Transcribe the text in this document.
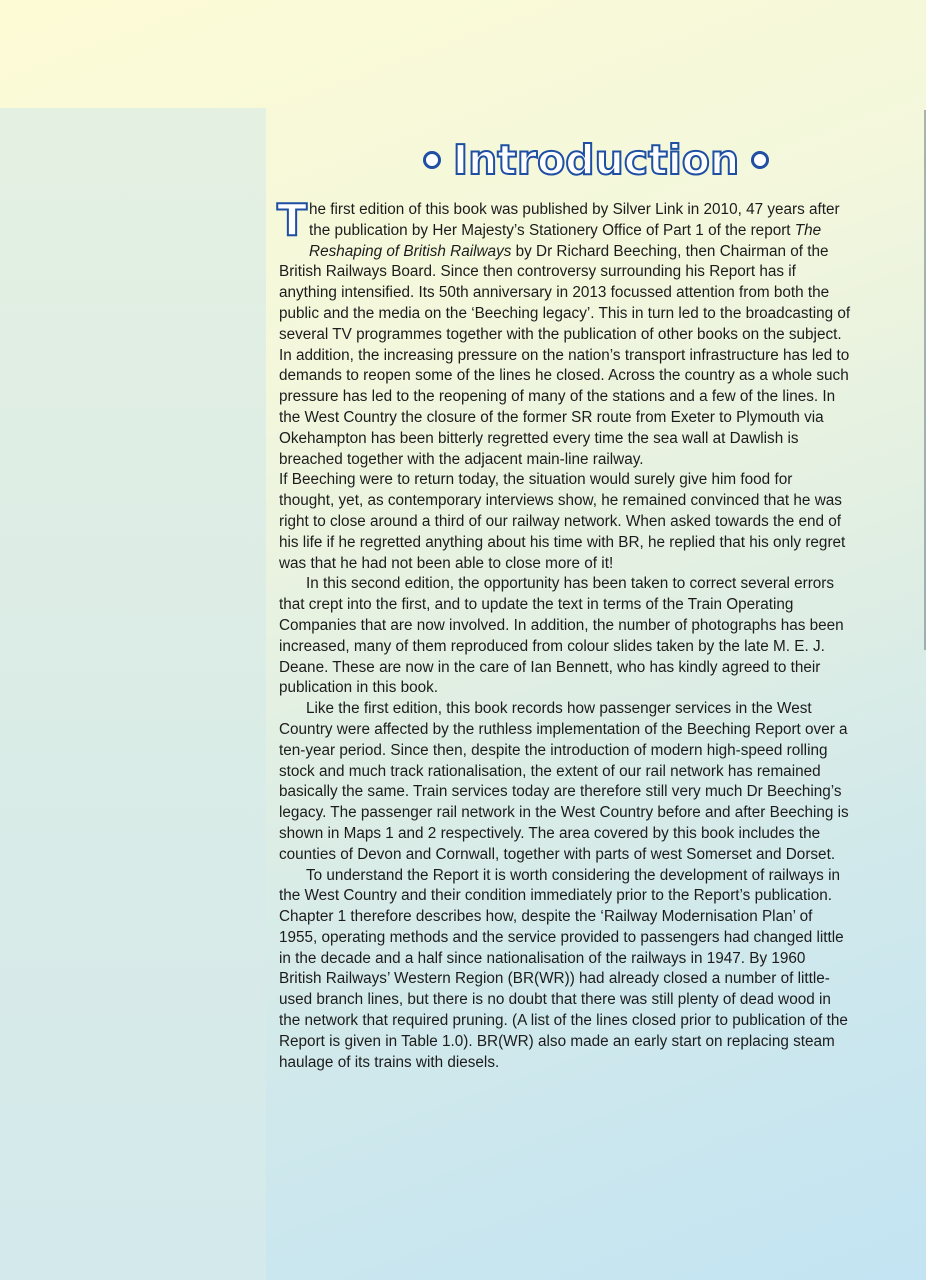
Introduction

The first edition of this book was published by Silver Link in 2010, 47 years after the publication by Her Majesty’s Stationery Office of Part 1 of the report The Reshaping of British Railways by Dr Richard Beeching, then Chairman of the British Railways Board. Since then controversy surrounding his Report has if anything intensified. Its 50th anniversary in 2013 focussed attention from both the public and the media on the ‘Beeching legacy’. This in turn led to the broadcasting of several TV programmes together with the publication of other books on the subject. In addition, the increasing pressure on the nation’s transport infrastructure has led to demands to reopen some of the lines he closed. Across the country as a whole such pressure has led to the reopening of many of the stations and a few of the lines. In the West Country the closure of the former SR route from Exeter to Plymouth via Okehampton has been bitterly regretted every time the sea wall at Dawlish is breached together with the adjacent main-line railway.

If Beeching were to return today, the situation would surely give him food for thought, yet, as contemporary interviews show, he remained convinced that he was right to close around a third of our railway network. When asked towards the end of his life if he regretted anything about his time with BR, he replied that his only regret was that he had not been able to close more of it!

In this second edition, the opportunity has been taken to correct several errors that crept into the first, and to update the text in terms of the Train Operating Companies that are now involved. In addition, the number of photographs has been increased, many of them reproduced from colour slides taken by the late M. E. J. Deane. These are now in the care of Ian Bennett, who has kindly agreed to their publication in this book.

Like the first edition, this book records how passenger services in the West Country were affected by the ruthless implementation of the Beeching Report over a ten-year period. Since then, despite the introduction of modern high-speed rolling stock and much track rationalisation, the extent of our rail network has remained basically the same. Train services today are therefore still very much Dr Beeching’s legacy. The passenger rail network in the West Country before and after Beeching is shown in Maps 1 and 2 respectively. The area covered by this book includes the counties of Devon and Cornwall, together with parts of west Somerset and Dorset.

To understand the Report it is worth considering the development of railways in the West Country and their condition immediately prior to the Report’s publication. Chapter 1 therefore describes how, despite the ‘Railway Modernisation Plan’ of 1955, operating methods and the service provided to passengers had changed little in the decade and a half since nationalisation of the railways in 1947. By 1960 British Railways’ Western Region (BR(WR)) had already closed a number of little-used branch lines, but there is no doubt that there was still plenty of dead wood in the network that required pruning. (A list of the lines closed prior to publication of the Report is given in Table 1.0). BR(WR) also made an early start on replacing steam haulage of its trains with diesels.
